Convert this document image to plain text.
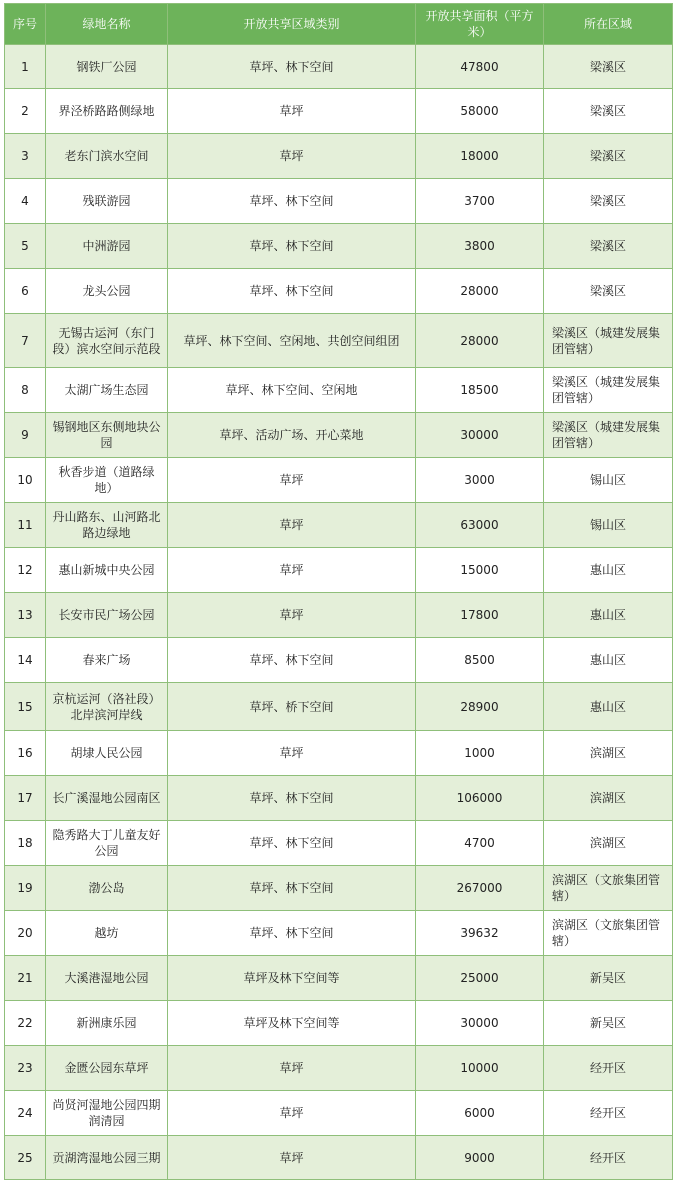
序号	绿地名称	开放共享区域类别	开放共享面积（平方米）	所在区域
1	钢铁厂公园	草坪、林下空间	47800	梁溪区
2	界泾桥路路侧绿地	草坪	58000	梁溪区
3	老东门滨水空间	草坪	18000	梁溪区
4	残联游园	草坪、林下空间	3700	梁溪区
5	中洲游园	草坪、林下空间	3800	梁溪区
6	龙头公园	草坪、林下空间	28000	梁溪区
7	无锡古运河（东门段）滨水空间示范段	草坪、林下空间、空闲地、共创空间组团	28000	梁溪区（城建发展集团管辖）
8	太湖广场生态园	草坪、林下空间、空闲地	18500	梁溪区（城建发展集团管辖）
9	锡钢地区东侧地块公园	草坪、活动广场、开心菜地	30000	梁溪区（城建发展集团管辖）
10	秋香步道（道路绿地）	草坪	3000	锡山区
11	丹山路东、山河路北路边绿地	草坪	63000	锡山区
12	惠山新城中央公园	草坪	15000	惠山区
13	长安市民广场公园	草坪	17800	惠山区
14	春来广场	草坪、林下空间	8500	惠山区
15	京杭运河（洛社段）北岸滨河岸线	草坪、桥下空间	28900	惠山区
16	胡埭人民公园	草坪	1000	滨湖区
17	长广溪湿地公园南区	草坪、林下空间	106000	滨湖区
18	隐秀路大丁儿童友好公园	草坪、林下空间	4700	滨湖区
19	渤公岛	草坪、林下空间	267000	滨湖区（文旅集团管辖）
20	越坊	草坪、林下空间	39632	滨湖区（文旅集团管辖）
21	大溪港湿地公园	草坪及林下空间等	25000	新吴区
22	新洲康乐园	草坪及林下空间等	30000	新吴区
23	金匮公园东草坪	草坪	10000	经开区
24	尚贤河湿地公园四期润清园	草坪	6000	经开区
25	贡湖湾湿地公园三期	草坪	9000	经开区
